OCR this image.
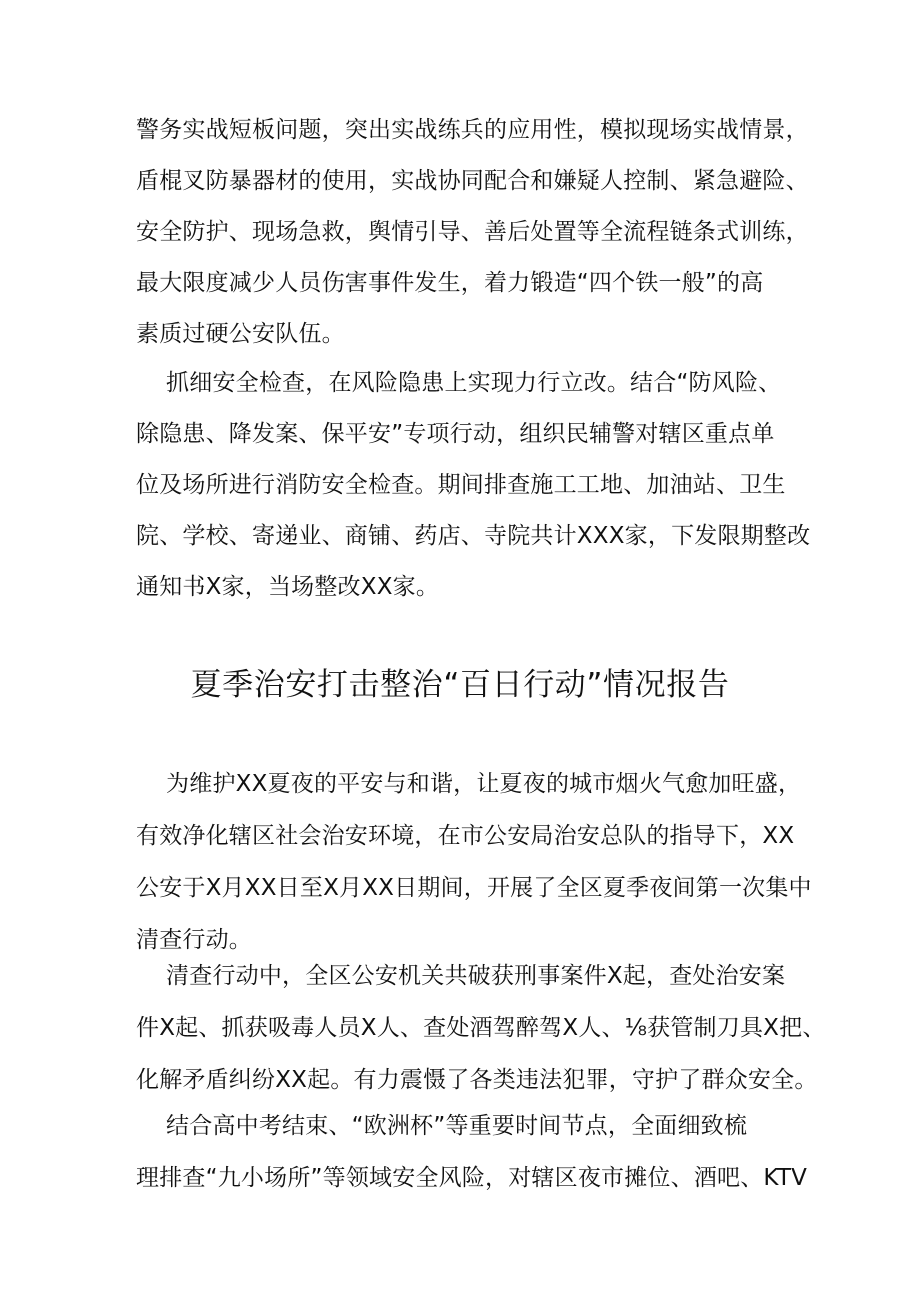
警务实战短板问题，突出实战练兵的应用性，模拟现场实战情景，
盾棍叉防暴器材的使用，实战协同配合和嫌疑人控制、紧急避险、
安全防护、现场急救，舆情引导、善后处置等全流程链条式训练，
最大限度减少人员伤害事件发生，着力锻造“四个铁一般”的高
素质过硬公安队伍。
抓细安全检查，在风险隐患上实现力行立改。结合“防风险、
除隐患、降发案、保平安”专项行动，组织民辅警对辖区重点单
位及场所进行消防安全检查。期间排查施工工地、加油站、卫生
院、学校、寄递业、商铺、药店、寺院共计XXX家，下发限期整改
通知书X家，当场整改XX家。
夏季治安打击整治“百日行动”情况报告
为维护XX夏夜的平安与和谐，让夏夜的城市烟火气愈加旺盛，
有效净化辖区社会治安环境，在市公安局治安总队的指导下，XX
公安于X月XX日至X月XX日期间，开展了全区夏季夜间第一次集中
清查行动。
清查行动中，全区公安机关共破获刑事案件X起，查处治安案
件X起、抓获吸毒人员X人、查处酒驾醉驾X人、⅛获管制刀具X把、
化解矛盾纠纷XX起。有力震慑了各类违法犯罪，守护了群众安全。
结合高中考结束、“欧洲杯”等重要时间节点，全面细致梳
理排查“九小场所”等领域安全风险，对辖区夜市摊位、酒吧、KTV
